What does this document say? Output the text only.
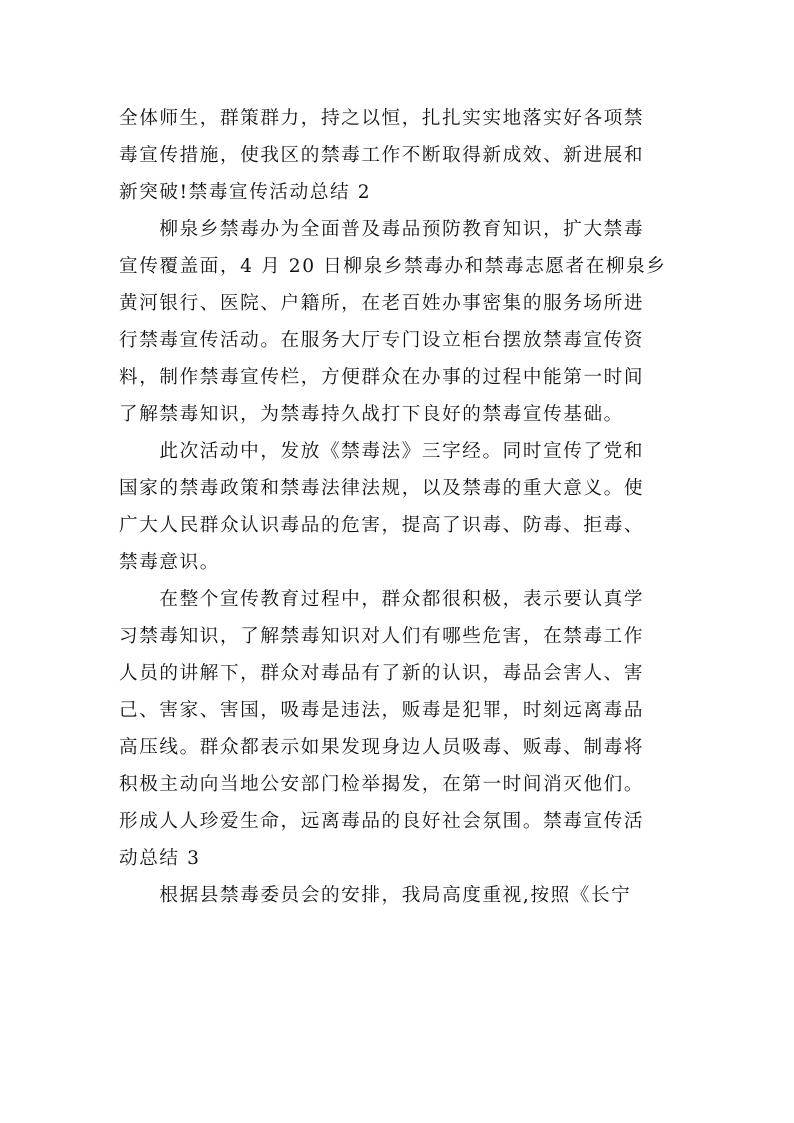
全体师生，群策群力，持之以恒，扎扎实实地落实好各项禁
毒宣传措施，使我区的禁毒工作不断取得新成效、新进展和
新突破!禁毒宣传活动总结 2
　　柳泉乡禁毒办为全面普及毒品预防教育知识，扩大禁毒
宣传覆盖面，4 月 20 日柳泉乡禁毒办和禁毒志愿者在柳泉乡
黄河银行、医院、户籍所，在老百姓办事密集的服务场所进
行禁毒宣传活动。在服务大厅专门设立柜台摆放禁毒宣传资
料，制作禁毒宣传栏，方便群众在办事的过程中能第一时间
了解禁毒知识，为禁毒持久战打下良好的禁毒宣传基础。
　　此次活动中，发放《禁毒法》三字经。同时宣传了党和
国家的禁毒政策和禁毒法律法规，以及禁毒的重大意义。使
广大人民群众认识毒品的危害，提高了识毒、防毒、拒毒、
禁毒意识。
　　在整个宣传教育过程中，群众都很积极，表示要认真学
习禁毒知识，了解禁毒知识对人们有哪些危害，在禁毒工作
人员的讲解下，群众对毒品有了新的认识，毒品会害人、害
己、害家、害国，吸毒是违法，贩毒是犯罪，时刻远离毒品
高压线。群众都表示如果发现身边人员吸毒、贩毒、制毒将
积极主动向当地公安部门检举揭发，在第一时间消灭他们。
形成人人珍爱生命，远离毒品的良好社会氛围。禁毒宣传活
动总结 3
　　根据县禁毒委员会的安排，我局高度重视,按照《长宁
